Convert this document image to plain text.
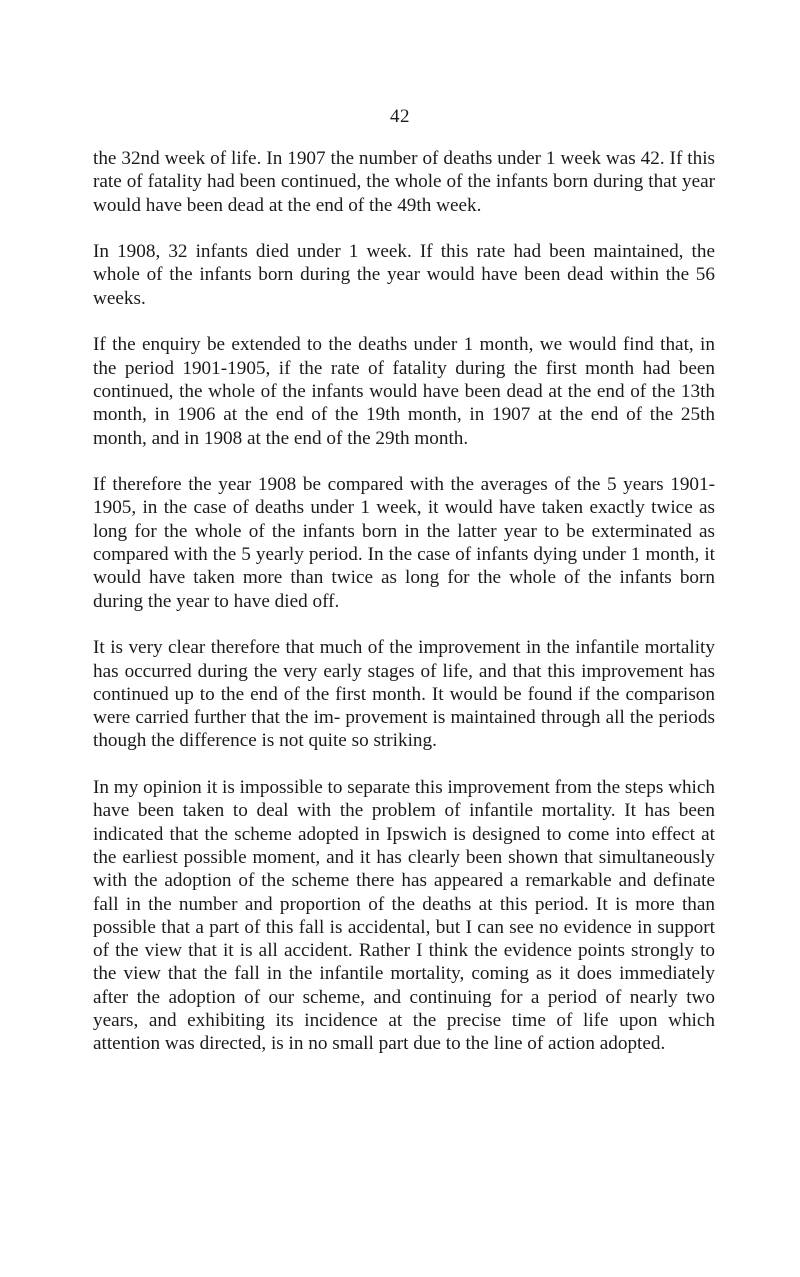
42

the 32nd week of life. In 1907 the number of deaths under 1 week was 42. If this rate of fatality had been continued, the whole of the infants born during that year would have been dead at the end of the 49th week.

In 1908, 32 infants died under 1 week. If this rate had been maintained, the whole of the infants born during the year would have been dead within the 56 weeks.

If the enquiry be extended to the deaths under 1 month, we would find that, in the period 1901-1905, if the rate of fatality during the first month had been continued, the whole of the infants would have been dead at the end of the 13th month, in 1906 at the end of the 19th month, in 1907 at the end of the 25th month, and in 1908 at the end of the 29th month.

If therefore the year 1908 be compared with the averages of the 5 years 1901-1905, in the case of deaths under 1 week, it would have taken exactly twice as long for the whole of the infants born in the latter year to be exterminated as compared with the 5 yearly period. In the case of infants dying under 1 month, it would have taken more than twice as long for the whole of the infants born during the year to have died off.

It is very clear therefore that much of the improvement in the infantile mortality has occurred during the very early stages of life, and that this improvement has continued up to the end of the first month. It would be found if the comparison were carried further that the im- provement is maintained through all the periods though the difference is not quite so striking.

In my opinion it is impossible to separate this improvement from the steps which have been taken to deal with the problem of infantile mortality. It has been indicated that the scheme adopted in Ipswich is designed to come into effect at the earliest possible moment, and it has clearly been shown that simultaneously with the adoption of the scheme there has appeared a remarkable and definate fall in the number and proportion of the deaths at this period. It is more than possible that a part of this fall is accidental, but I can see no evidence in support of the view that it is all accident. Rather I think the evidence points strongly to the view that the fall in the infantile mortality, coming as it does immediately after the adoption of our scheme, and continuing for a period of nearly two years, and exhibiting its incidence at the precise time of life upon which attention was directed, is in no small part due to the line of action adopted.
